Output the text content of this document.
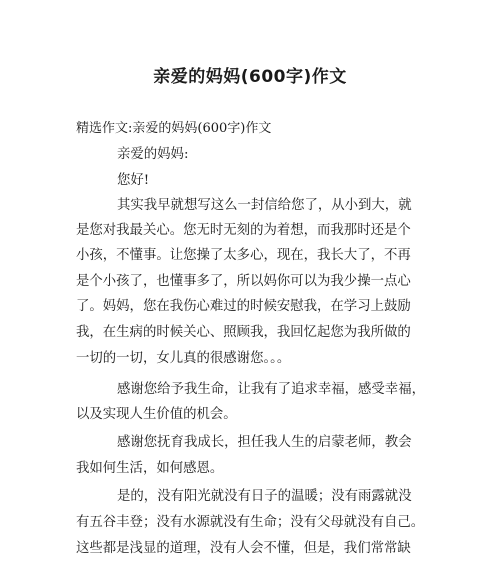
亲爱的妈妈(600字)作文

精选作文:亲爱的妈妈(600字)作文

亲爱的妈妈:

您好!

其实我早就想写这么一封信给您了，从小到大，就

是您对我最关心。您无时无刻的为着想，而我那时还是个

小孩，不懂事。让您操了太多心，现在，我长大了，不再

是个小孩了，也懂事多了，所以妈你可以为我少操一点心

了。妈妈，您在我伤心难过的时候安慰我，在学习上鼓励

我，在生病的时候关心、照顾我，我回忆起您为我所做的

一切的一切，女儿真的很感谢您。。。

感谢您给予我生命，让我有了追求幸福，感受幸福，

以及实现人生价值的机会。

感谢您抚育我成长，担任我人生的启蒙老师，教会

我如何生活，如何感恩。

是的，没有阳光就没有日子的温暖；没有雨露就没

有五谷丰登；没有水源就没有生命；没有父母就没有自己。

这些都是浅显的道理，没有人会不懂，但是，我们常常缺
